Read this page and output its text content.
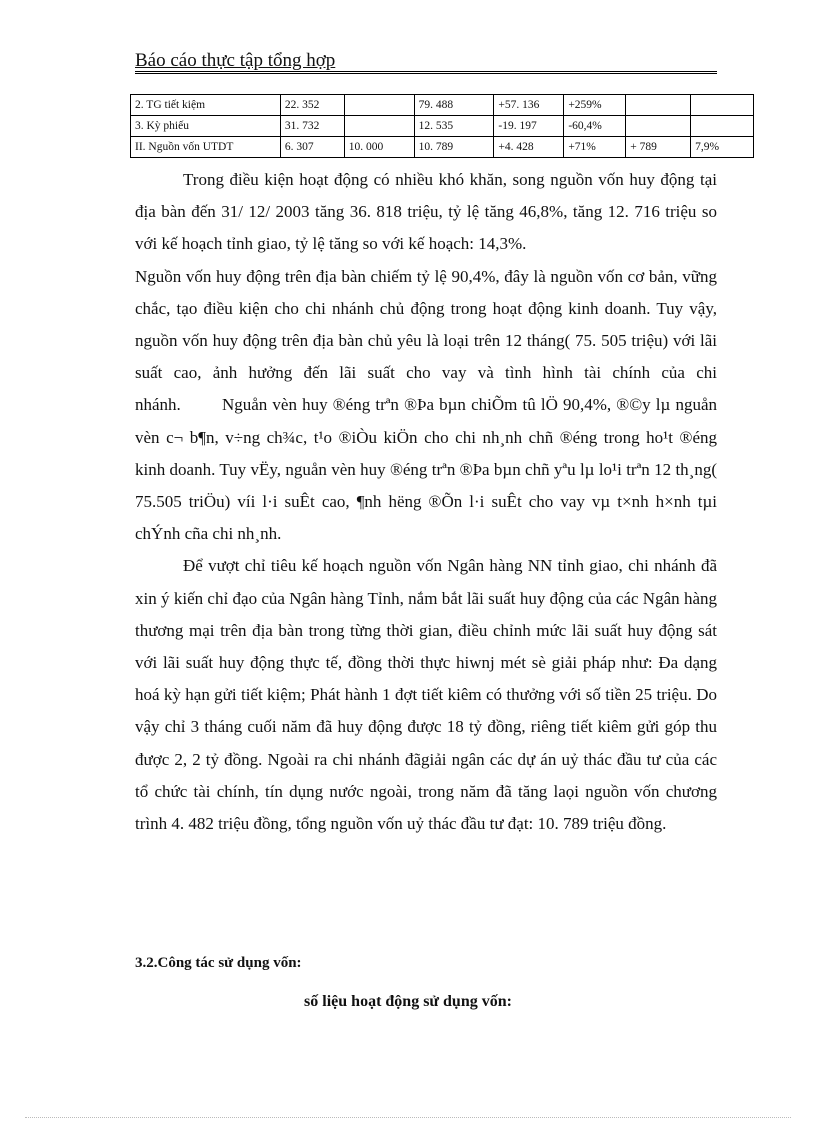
Báo cáo thực tập tổng hợp
2. TG tiết kiệm	22. 352		79. 488	+57. 136	+259%		
3. Kỳ phiếu	31. 732		12. 535	-19. 197	-60,4%		
II. Nguồn vốn UTDT	6. 307	10. 000	10. 789	+4. 428	+71%	+ 789	7,9%

Trong điều kiện hoạt động có nhiều khó khăn, song nguồn vốn huy động tại địa bàn đến 31/ 12/ 2003 tăng 36. 818 triệu, tỷ lệ tăng 46,8%, tăng 12. 716 triệu so với kế hoạch tỉnh giao, tỷ lệ tăng so với kế hoạch: 14,3%.

Nguồn vốn huy động trên địa bàn chiếm tỷ lệ 90,4%, đây là nguồn vốn cơ bản, vững chắc, tạo điều kiện cho chi nhánh chủ động trong hoạt động kinh doanh. Tuy vậy, nguồn vốn huy động trên địa bàn chủ yêu là loại trên 12 tháng( 75. 505 triệu) với lãi suất cao, ảnh hưởng đến lãi suất cho vay và tình hình tài chính của chi nhánh. Nguån vèn huy ®éng trªn ®Þa bµn chiÕm tû lÖ 90,4%, ®©y lµ nguån vèn c¬ b¶n, v÷ng ch¾c, t¹o ®iÒu kiÖn cho chi nh¸nh chñ ®éng trong ho¹t ®éng kinh doanh. Tuy vËy, nguån vèn huy ®éng trªn ®Þa bµn chñ yªu lµ lo¹i trªn 12 th¸ng( 75.505 triÖu) víi l·i suÊt cao, ¶nh hëng ®Õn l·i suÊt cho vay vµ t×nh h×nh tµi chÝnh cña chi nh¸nh.

Để vượt chỉ tiêu kế hoạch nguồn vốn Ngân hàng NN tỉnh giao, chi nhánh đã xin ý kiến chỉ đạo của Ngân hàng Tỉnh, nắm bắt lãi suất huy động của các Ngân hàng thương mại trên địa bàn trong từng thời gian, điều chỉnh mức lãi suất huy động sát với lãi suất huy động thực tế, đồng thời thực hiwnj mét sè giải pháp như: Đa dạng hoá kỳ hạn gửi tiết kiệm; Phát hành 1 đợt tiết kiêm có thưởng với số tiền 25 triệu. Do vậy chỉ 3 tháng cuối năm đã huy động được 18 tỷ đồng, riêng tiết kiêm gửi góp thu được 2, 2 tỷ đồng. Ngoài ra chi nhánh đãgiải ngân các dự án uỷ thác đầu tư của các tổ chức tài chính, tín dụng nước ngoài, trong năm đã tăng laọi nguồn vốn chương trình 4. 482 triệu đồng, tổng nguồn vốn uỷ thác đầu tư đạt: 10. 789 triệu đồng.

3.2.Công tác sử dụng vốn:
số liệu hoạt động sử dụng vốn:
